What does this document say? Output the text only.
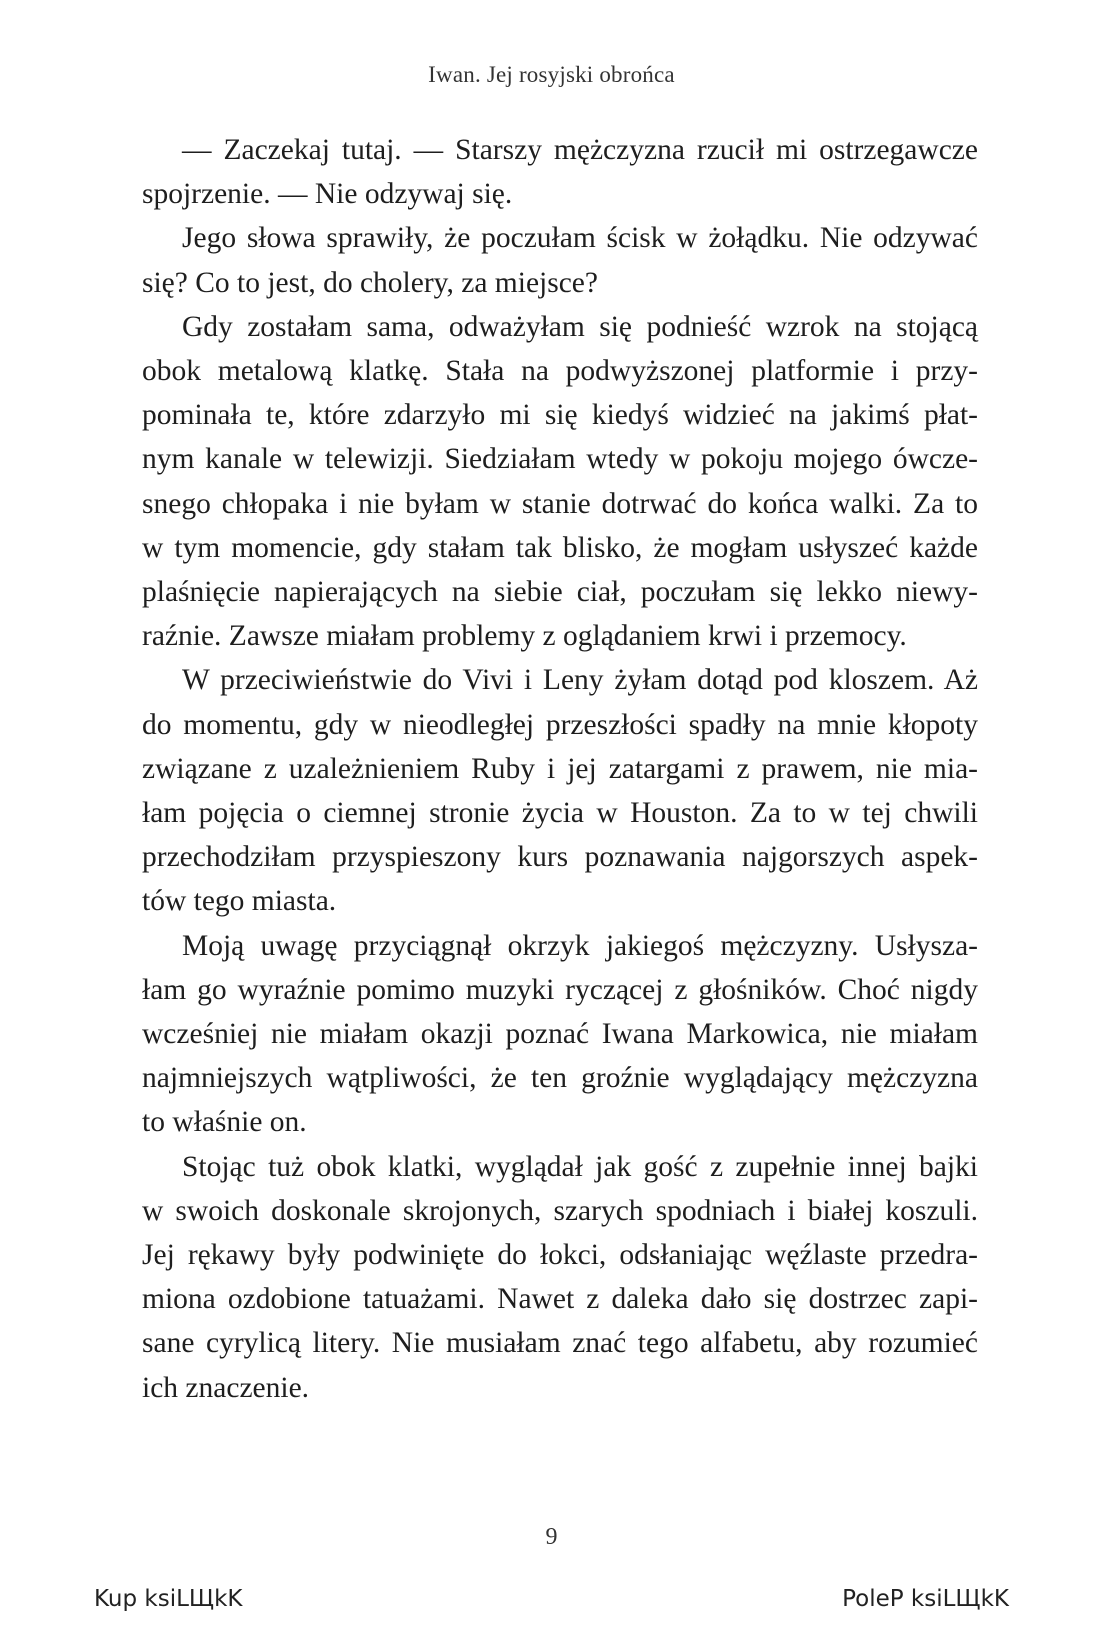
Iwan. Jej rosyjski obrońca

— Zaczekaj tutaj. — Starszy mężczyzna rzucił mi ostrzegawcze
spojrzenie. — Nie odzywaj się.

Jego słowa sprawiły, że poczułam ścisk w żołądku. Nie odzywać
się? Co to jest, do cholery, za miejsce?

Gdy zostałam sama, odważyłam się podnieść wzrok na stojącą
obok metalową klatkę. Stała na podwyższonej platformie i przy-
pominała te, które zdarzyło mi się kiedyś widzieć na jakimś płat-
nym kanale w telewizji. Siedziałam wtedy w pokoju mojego ówcze-
snego chłopaka i nie byłam w stanie dotrwać do końca walki. Za to
w tym momencie, gdy stałam tak blisko, że mogłam usłyszeć każde
plaśnięcie napierających na siebie ciał, poczułam się lekko niewy-
raźnie. Zawsze miałam problemy z oglądaniem krwi i przemocy.

W przeciwieństwie do Vivi i Leny żyłam dotąd pod kloszem. Aż
do momentu, gdy w nieodległej przeszłości spadły na mnie kłopoty
związane z uzależnieniem Ruby i jej zatargami z prawem, nie mia-
łam pojęcia o ciemnej stronie życia w Houston. Za to w tej chwili
przechodziłam przyspieszony kurs poznawania najgorszych aspek-
tów tego miasta.

Moją uwagę przyciągnął okrzyk jakiegoś mężczyzny. Usłysza-
łam go wyraźnie pomimo muzyki ryczącej z głośników. Choć nigdy
wcześniej nie miałam okazji poznać Iwana Markowica, nie miałam
najmniejszych wątpliwości, że ten groźnie wyglądający mężczyzna
to właśnie on.

Stojąc tuż obok klatki, wyglądał jak gość z zupełnie innej bajki
w swoich doskonale skrojonych, szarych spodniach i białej koszuli.
Jej rękawy były podwinięte do łokci, odsłaniając węźlaste przedra-
miona ozdobione tatuażami. Nawet z daleka dało się dostrzec zapi-
sane cyrylicą litery. Nie musiałam znać tego alfabetu, aby rozumieć
ich znaczenie.

9
Kup ksiLЩkK	PoleP ksiLЩkK
